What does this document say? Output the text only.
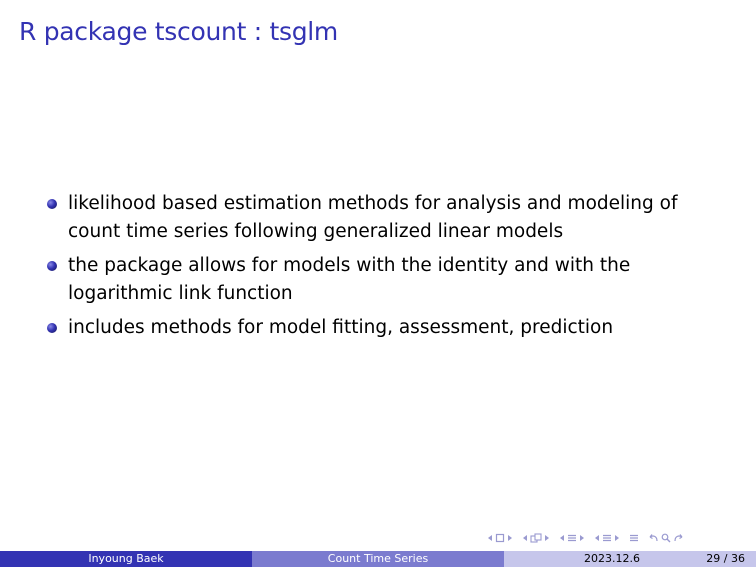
R package tscount : tsglm
likelihood based estimation methods for analysis and modeling of
count time series following generalized linear models
the package allows for models with the identity and with the
logarithmic link function
includes methods for model fitting, assessment, prediction
Inyoung Baek	Count Time Series	2023.12.6	29 / 36
